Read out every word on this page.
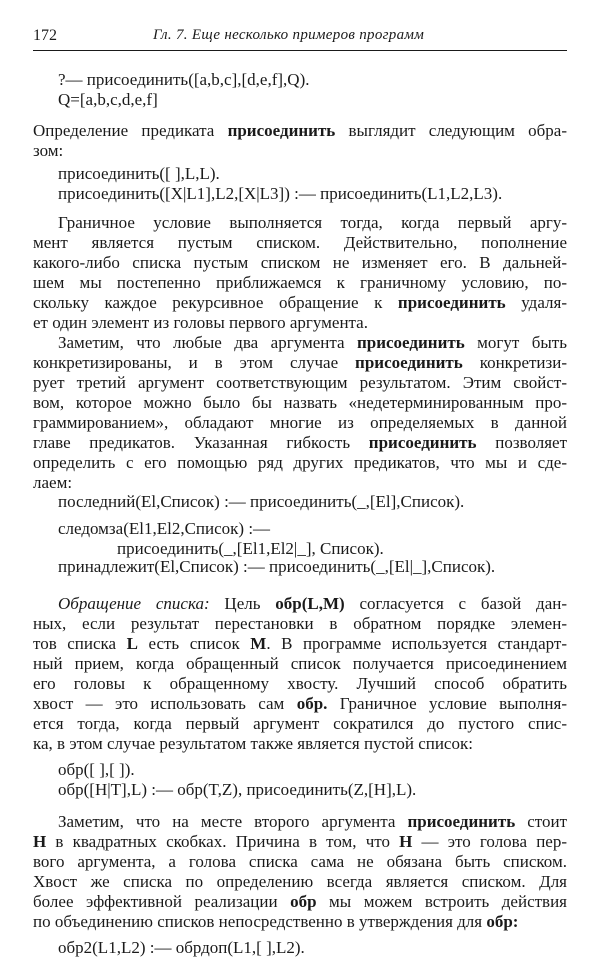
172	Гл. 7. Еще несколько примеров программ
?— присоединить([a,b,c],[d,e,f],Q).
Q=[a,b,c,d,e,f]
Определение предиката присоединить выглядит следующим обра-
зом:
присоединить([ ],L,L).
присоединить([X|L1],L2,[X|L3]) :— присоединить(L1,L2,L3).
Граничное условие выполняется тогда, когда первый аргу-
мент является пустым списком. Действительно, пополнение
какого-либо списка пустым списком не изменяет его. В дальней-
шем мы постепенно приближаемся к граничному условию, по-
скольку каждое рекурсивное обращение к присоединить удаля-
ет один элемент из головы первого аргумента.
Заметим, что любые два аргумента присоединить могут быть
конкретизированы, и в этом случае присоединить конкретизи-
рует третий аргумент соответствующим результатом. Этим свойст-
вом, которое можно было бы назвать «недетерминированным про-
граммированием», обладают многие из определяемых в данной
главе предикатов. Указанная гибкость присоединить позволяет
определить с его помощью ряд других предикатов, что мы и сде-
лаем:
последний(El,Список) :— присоединить(_,[El],Список).
следомза(El1,El2,Список) :—
присоединить(_,[El1,El2|_], Список).
принадлежит(El,Список) :— присоединить(_,[El|_],Список).
Обращение списка: Цель обр(L,M) согласуется с базой дан-
ных, если результат перестановки в обратном порядке элемен-
тов списка L есть список M. В программе используется стандарт-
ный прием, когда обращенный список получается присоединением
его головы к обращенному хвосту. Лучший способ обратить
хвост — это использовать сам обр. Граничное условие выполня-
ется тогда, когда первый аргумент сократился до пустого спис-
ка, в этом случае результатом также является пустой список:
обр([ ],[ ]).
обр([H|T],L) :— обр(T,Z), присоединить(Z,[H],L).
Заметим, что на месте второго аргумента присоединить стоит
H в квадратных скобках. Причина в том, что H — это голова пер-
вого аргумента, а голова списка сама не обязана быть списком.
Хвост же списка по определению всегда является списком. Для
более эффективной реализации обр мы можем встроить действия
по объединению списков непосредственно в утверждения для обр:
обр2(L1,L2) :— обрдоп(L1,[ ],L2).
